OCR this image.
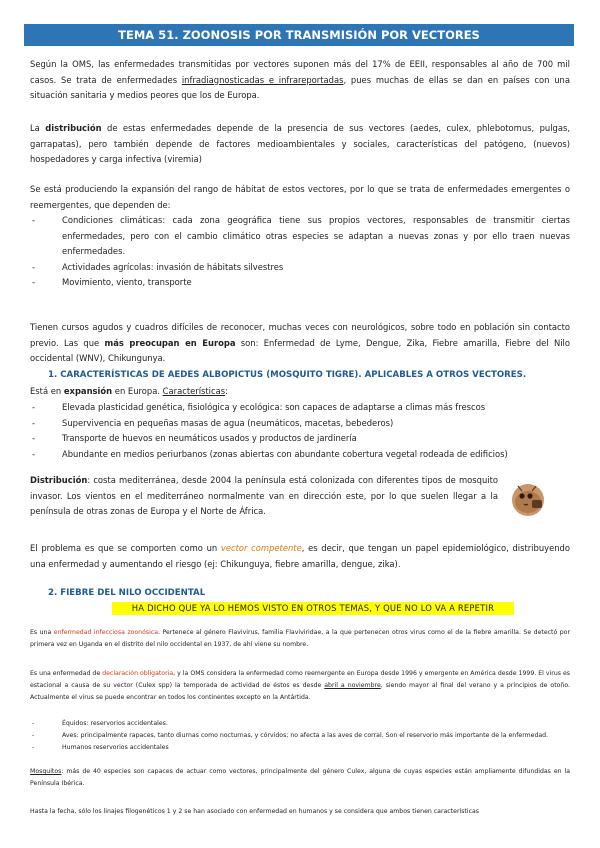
TEMA 51. ZOONOSIS POR TRANSMISIÓN POR VECTORES

Según la OMS, las enfermedades transmitidas por vectores suponen más del 17% de EEII, responsables al año de 700 mil casos. Se trata de enfermedades infradiagnosticadas e infrareportadas, pues muchas de ellas se dan en países con una situación sanitaria y medios peores que los de Europa.

La distribución de estas enfermedades depende de la presencia de sus vectores (aedes, culex, phlebotomus, pulgas, garrapatas), pero también depende de factores medioambientales y sociales, características del patógeno, (nuevos) hospedadores y carga infectiva (viremia)

Se está produciendo la expansión del rango de hábitat de estos vectores, por lo que se trata de enfermedades emergentes o reemergentes, que dependen de:

- Condiciones climáticas: cada zona geográfica tiene sus propios vectores, responsables de transmitir ciertas enfermedades, pero con el cambio climático otras especies se adaptan a nuevas zonas y por ello traen nuevas enfermedades.
- Actividades agrícolas: invasión de hábitats silvestres
- Movimiento, viento, transporte

Tienen cursos agudos y cuadros difíciles de reconocer, muchas veces con neurológicos, sobre todo en población sin contacto previo. Las que más preocupan en Europa son: Enfermedad de Lyme, Dengue, Zika, Fiebre amarilla, Fiebre del Nilo occidental (WNV), Chikungunya.

1. CARACTERÍSTICAS DE AEDES ALBOPICTUS (MOSQUITO TIGRE). APLICABLES A OTROS VECTORES.

Está en expansión en Europa. Características:

- Elevada plasticidad genética, fisiológica y ecológica: son capaces de adaptarse a climas más frescos
- Supervivencia en pequeñas masas de agua (neumáticos, macetas, bebederos)
- Transporte de huevos en neumáticos usados y productos de jardinería
- Abundante en medios periurbanos (zonas abiertas con abundante cobertura vegetal rodeada de edificios)

Distribución: costa mediterránea, desde 2004 la península está colonizada con diferentes tipos de mosquito invasor. Los vientos en el mediterráneo normalmente van en dirección este, por lo que suelen llegar a la península de otras zonas de Europa y el Norte de África.

El problema es que se comporten como un vector competente, es decir, que tengan un papel epidemiológico, distribuyendo una enfermedad y aumentando el riesgo (ej: Chikunguya, fiebre amarilla, dengue, zika).

2. FIEBRE DEL NILO OCCIDENTAL
HA DICHO QUE YA LO HEMOS VISTO EN OTROS TEMAS, Y QUE NO LO VA A REPETIR

Es una enfermedad infecciosa zoonósica. Pertenece al género Flavivirus, familia Flaviviridae, a la que pertenecen otros virus como el de la fiebre amarilla. Se detectó por primera vez en Uganda en el distrito del nilo occidental en 1937, de ahí viene su nombre.

Es una enfermedad de declaración obligatoria, y la OMS considera la enfermedad como reemergente en Europa desde 1996 y emergente en América desde 1999. El virus es estacional a causa de su vector (Culex spp) la temporada de actividad de éstos es desde abril a noviembre, siendo mayor al final del verano y a principios de otoño. Actualmente el virus se puede encontrar en todos los continentes excepto en la Antártida.

- Équidos: reservorios accidentales.
- Aves: principalmente rapaces, tanto diurnas como nocturnas, y córvidos; no afecta a las aves de corral. Son el reservorio más importante de la enfermedad.
- Humanos reservorios accidentales

Mosquitos: más de 40 especies son capaces de actuar como vectores, principalmente del género Culex, alguna de cuyas especies están ampliamente difundidas en la Península Ibérica.

Hasta la fecha, sólo los linajes filogenéticos 1 y 2 se han asociado con enfermedad en humanos y se considera que ambos tienen características
